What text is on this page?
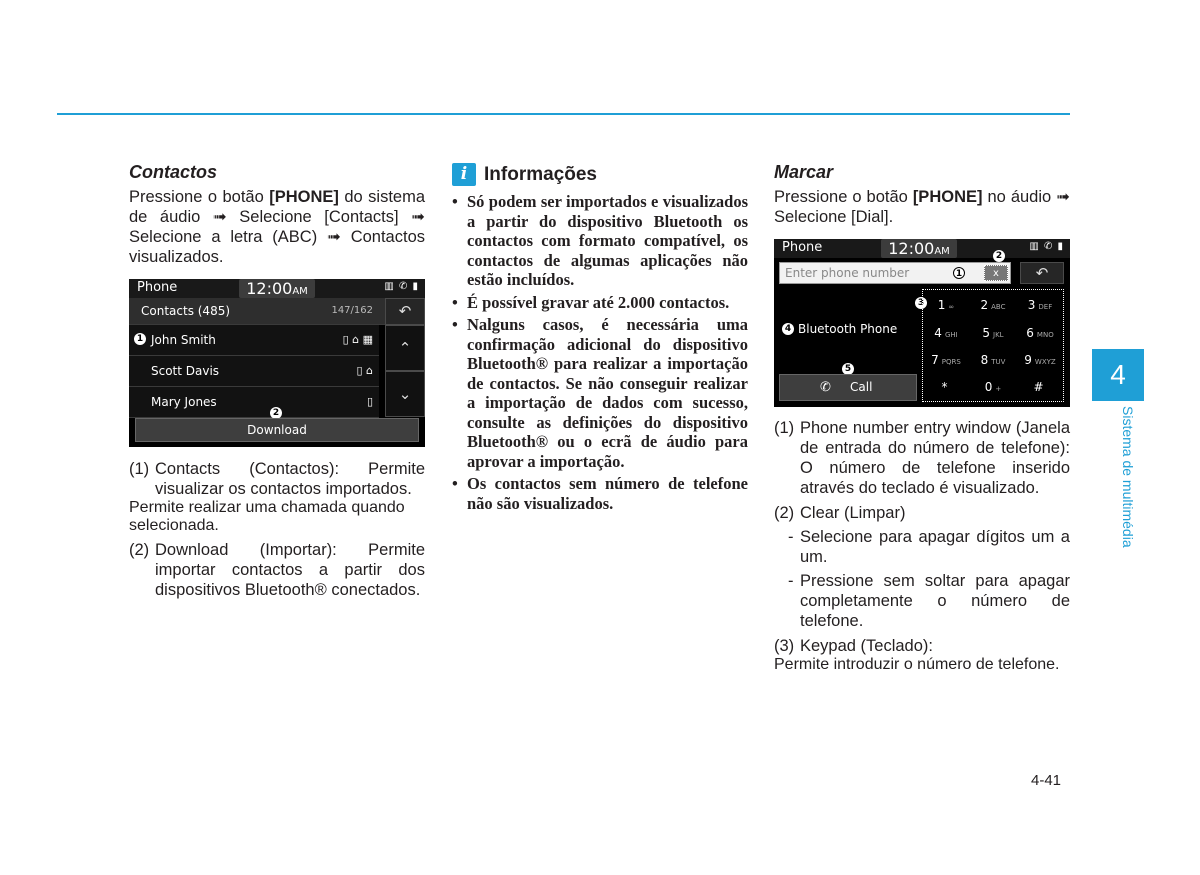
Contactos

Pressione o botão [PHONE] do sistema de áudio ➟ Selecione [Contacts] ➟ Selecione a letra (ABC) ➟ Contactos visualizados.

Phone	12:00AM	▥ ✆ ▮
Contacts (485)	147/162	↶
1 John Smith	▯ ⌂ ▦
Scott Davis	▯ ⌂
Mary Jones	▯
⌃
⌄
2
Download
(1) Contacts (Contactos): Permite visualizar os contactos importados.

Permite realizar uma chamada quando selecionada.

(2) Download (Importar): Permite importar contactos a partir dos dispositivos Bluetooth® conectados.
i Informações
• Só podem ser importados e visualizados a partir do dispositivo Bluetooth os contactos com formato compatível, os contactos de algumas aplicações não estão incluídos.
• É possível gravar até 2.000 contactos.
• Nalguns casos, é necessária uma confirmação adicional do dispositivo Bluetooth® para realizar a importação de contactos. Se não conseguir realizar a importação de dados com sucesso, consulte as definições do dispositivo Bluetooth® ou o ecrã de áudio para aprovar a importação.
• Os contactos sem número de telefone não são visualizados.
Marcar

Pressione o botão [PHONE] no áudio ➟ Selecione [Dial].

Phone	12:00AM	▥ ✆ ▮
Enter phone number	1	x
2
↶
4 Bluetooth Phone
5
✆ Call
3	1 ∞	2 ABC	3 DEF
4 GHI	5 JKL	6 MNO
7 PQRS	8 TUV	9 WXYZ
*	0 +	#
(1) Phone number entry window (Janela de entrada do número de telefone): O número de telefone inserido através do teclado é visualizado.
(2) Clear (Limpar)
- Selecione para apagar dígitos um a um.
- Pressione sem soltar para apagar completamente o número de telefone.
(3) Keypad (Teclado):

Permite introduzir o número de telefone.

4
Sistema de multimédia
4-41
